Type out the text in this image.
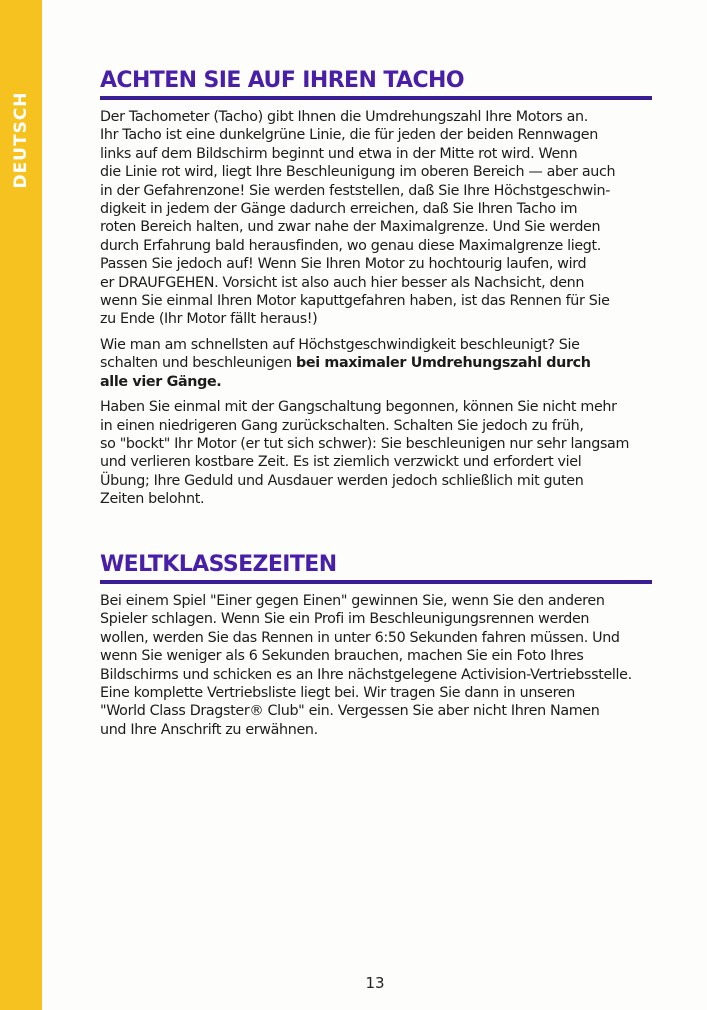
DEUTSCH
ACHTEN SIE AUF IHREN TACHO

Der Tachometer (Tacho) gibt Ihnen die Umdrehungszahl Ihre Motors an.
Ihr Tacho ist eine dunkelgrüne Linie, die für jeden der beiden Rennwagen
links auf dem Bildschirm beginnt und etwa in der Mitte rot wird. Wenn
die Linie rot wird, liegt Ihre Beschleunigung im oberen Bereich — aber auch
in der Gefahrenzone! Sie werden feststellen, daß Sie Ihre Höchstgeschwin-
digkeit in jedem der Gänge dadurch erreichen, daß Sie Ihren Tacho im
roten Bereich halten, und zwar nahe der Maximalgrenze. Und Sie werden
durch Erfahrung bald herausfinden, wo genau diese Maximalgrenze liegt.
Passen Sie jedoch auf! Wenn Sie Ihren Motor zu hochtourig laufen, wird
er DRAUFGEHEN. Vorsicht ist also auch hier besser als Nachsicht, denn
wenn Sie einmal Ihren Motor kaputtgefahren haben, ist das Rennen für Sie
zu Ende (Ihr Motor fällt heraus!)

Wie man am schnellsten auf Höchstgeschwindigkeit beschleunigt? Sie
schalten und beschleunigen bei maximaler Umdrehungszahl durch
alle vier Gänge.

Haben Sie einmal mit der Gangschaltung begonnen, können Sie nicht mehr
in einen niedrigeren Gang zurückschalten. Schalten Sie jedoch zu früh,
so "bockt" Ihr Motor (er tut sich schwer): Sie beschleunigen nur sehr langsam
und verlieren kostbare Zeit. Es ist ziemlich verzwickt und erfordert viel
Übung; Ihre Geduld und Ausdauer werden jedoch schließlich mit guten
Zeiten belohnt.

WELTKLASSEZEITEN

Bei einem Spiel "Einer gegen Einen" gewinnen Sie, wenn Sie den anderen
Spieler schlagen. Wenn Sie ein Profi im Beschleunigungsrennen werden
wollen, werden Sie das Rennen in unter 6:50 Sekunden fahren müssen. Und
wenn Sie weniger als 6 Sekunden brauchen, machen Sie ein Foto Ihres
Bildschirms und schicken es an Ihre nächstgelegene Activision-Vertriebsstelle.
Eine komplette Vertriebsliste liegt bei. Wir tragen Sie dann in unseren
"World Class Dragster® Club" ein. Vergessen Sie aber nicht Ihren Namen
und Ihre Anschrift zu erwähnen.

13
